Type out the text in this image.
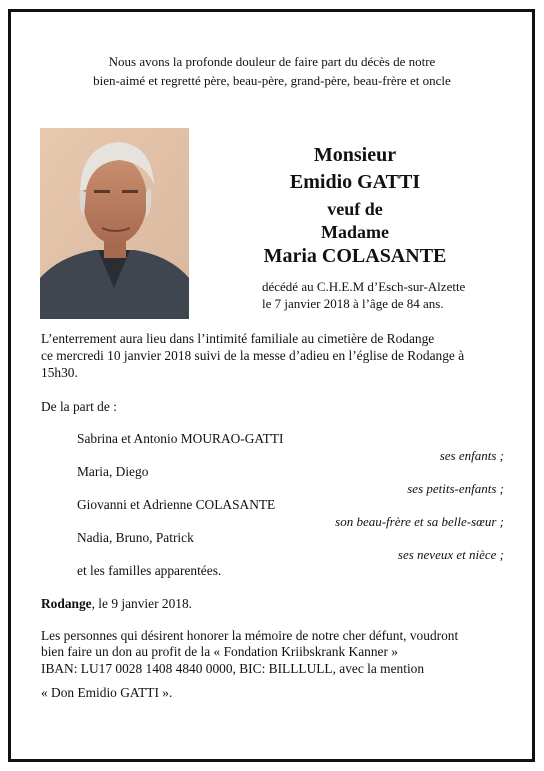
Nous avons la profonde douleur de faire part du décès de notre
bien-aimé et regretté père, beau-père, grand-père, beau-frère et oncle
Monsieur
Emidio GATTI
veuf de
Madame
Maria COLASANTE
décédé au C.H.E.M d’Esch-sur-Alzette
le 7 janvier 2018 à l’âge de 84 ans.
L’enterrement aura lieu dans l’intimité familiale au cimetière de Rodange
ce mercredi 10 janvier 2018 suivi de la messe d’adieu en l’église de Rodange à
15h30.
De la part de :
Sabrina et Antonio MOURAO-GATTI
ses enfants ;
Maria, Diego
ses petits-enfants ;
Giovanni et Adrienne COLASANTE
son beau-frère et sa belle-sœur ;
Nadia, Bruno, Patrick
ses neveux et nièce ;
et les familles apparentées.
Rodange, le 9 janvier 2018.
Les personnes qui désirent honorer la mémoire de notre cher défunt, voudront
bien faire un don au profit de la « Fondation Kriibskrank Kanner »
IBAN: LU17 0028 1408 4840 0000, BIC: BILLLULL, avec la mention
« Don Emidio GATTI ».
